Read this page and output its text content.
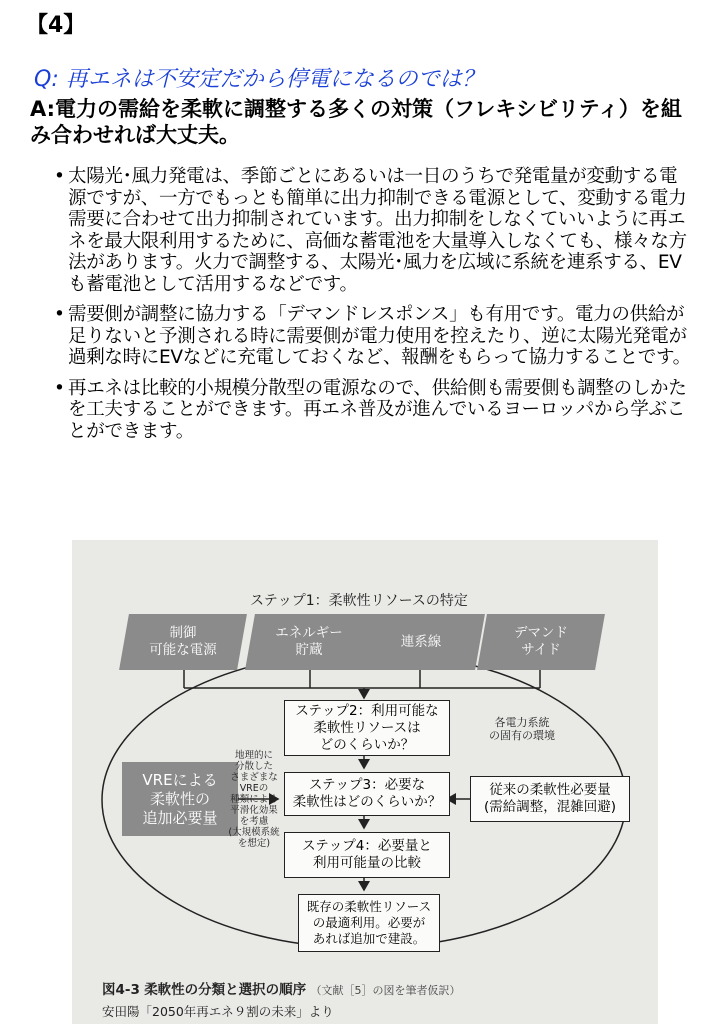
【4】

Q: 再エネは不安定だから停電になるのでは？

A:電力の需給を柔軟に調整する多くの対策（フレキシビリティ）を組み合わせれば大丈夫。

• 太陽光･風力発電は、季節ごとにあるいは一日のうちで発電量が変動する電源ですが、一方でもっとも簡単に出力抑制できる電源として、変動する電力需要に合わせて出力抑制されています。出力抑制をしなくていいように再エネを最大限利用するために、高価な蓄電池を大量導入しなくても、様々な方法があります。火力で調整する、太陽光･風力を広域に系統を連系する、EVも蓄電池として活用するなどです。
• 需要側が調整に協力する「デマンドレスポンス」も有用です。電力の供給が足りないと予測される時に需要側が電力使用を控えたり、逆に太陽光発電が過剰な時にEVなどに充電しておくなど、報酬をもらって協力することです。
• 再エネは比較的小規模分散型の電源なので、供給側も需要側も調整のしかたを工夫することができます。再エネ普及が進んでいるヨーロッパから学ぶことができます。
ステップ1：柔軟性リソースの特定
制御
可能な電源
エネルギー
貯蔵
連系線
デマンド
サイド
ステップ2：利用可能な
柔軟性リソースは
どのくらいか？
各電力系統
の固有の環境
VREによる
柔軟性の
追加必要量
地理的に
分散した
さまざまな
VREの
種類による
平滑化効果
を考慮
(大規模系統
を想定)
ステップ3：必要な
柔軟性はどのくらいか？
従来の柔軟性必要量
(需給調整，混雑回避)
ステップ4：必要量と
利用可能量の比較
既存の柔軟性リソース
の最適利用。必要が
あれば追加で建設。
図4-3 柔軟性の分類と選択の順序 （文献［5］の図を筆者仮訳）
安田陽「2050年再エネ９割の未来」より
